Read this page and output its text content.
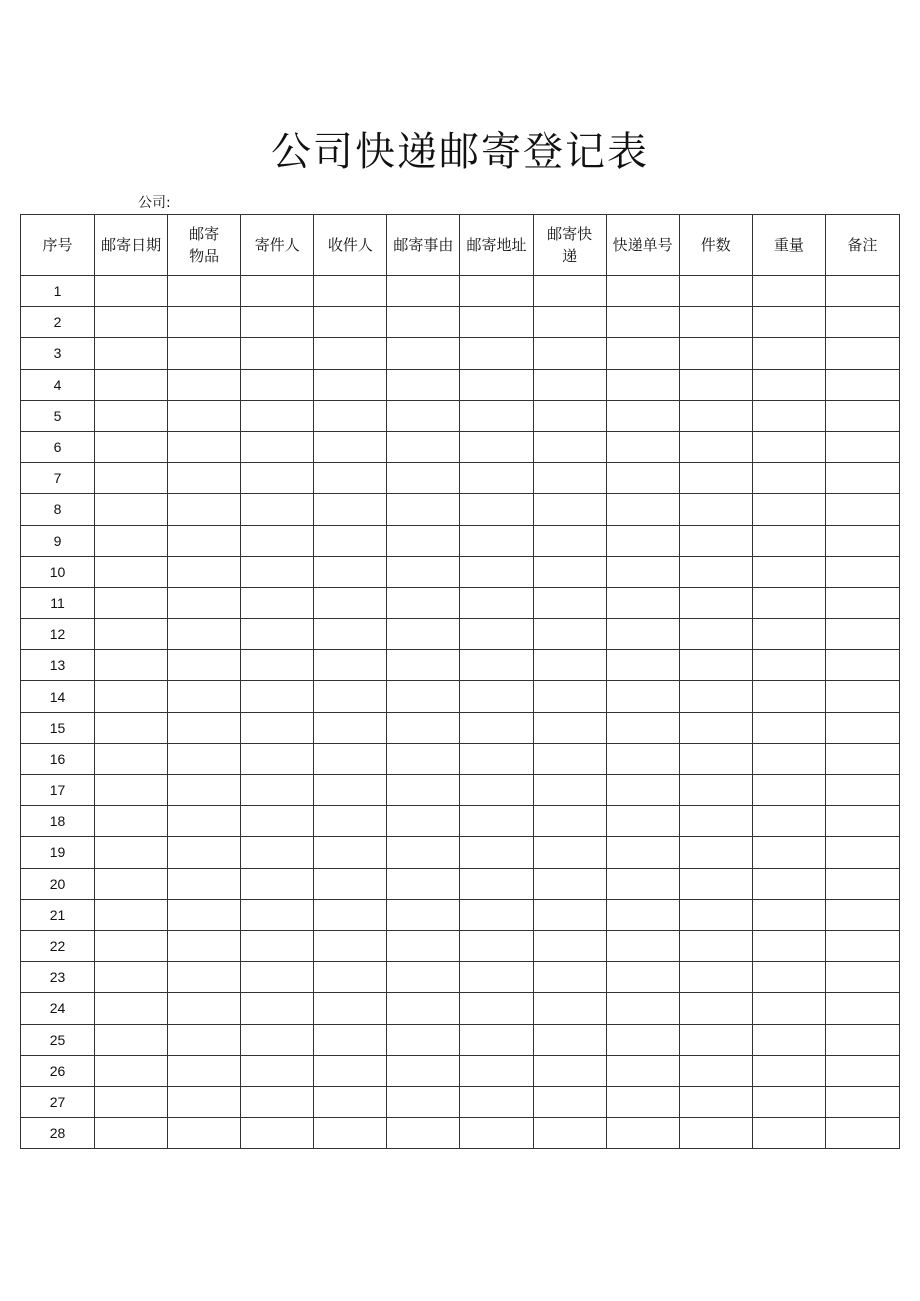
公司快递邮寄登记表
公司:
序号	邮寄日期	邮寄物品	寄件人	收件人	邮寄事由	邮寄地址	邮寄快递	快递单号	件数	重量	备注
1											
2											
3											
4											
5											
6											
7											
8											
9											
10											
11											
12											
13											
14											
15											
16											
17											
18											
19											
20											
21											
22											
23											
24											
25											
26											
27											
28											
